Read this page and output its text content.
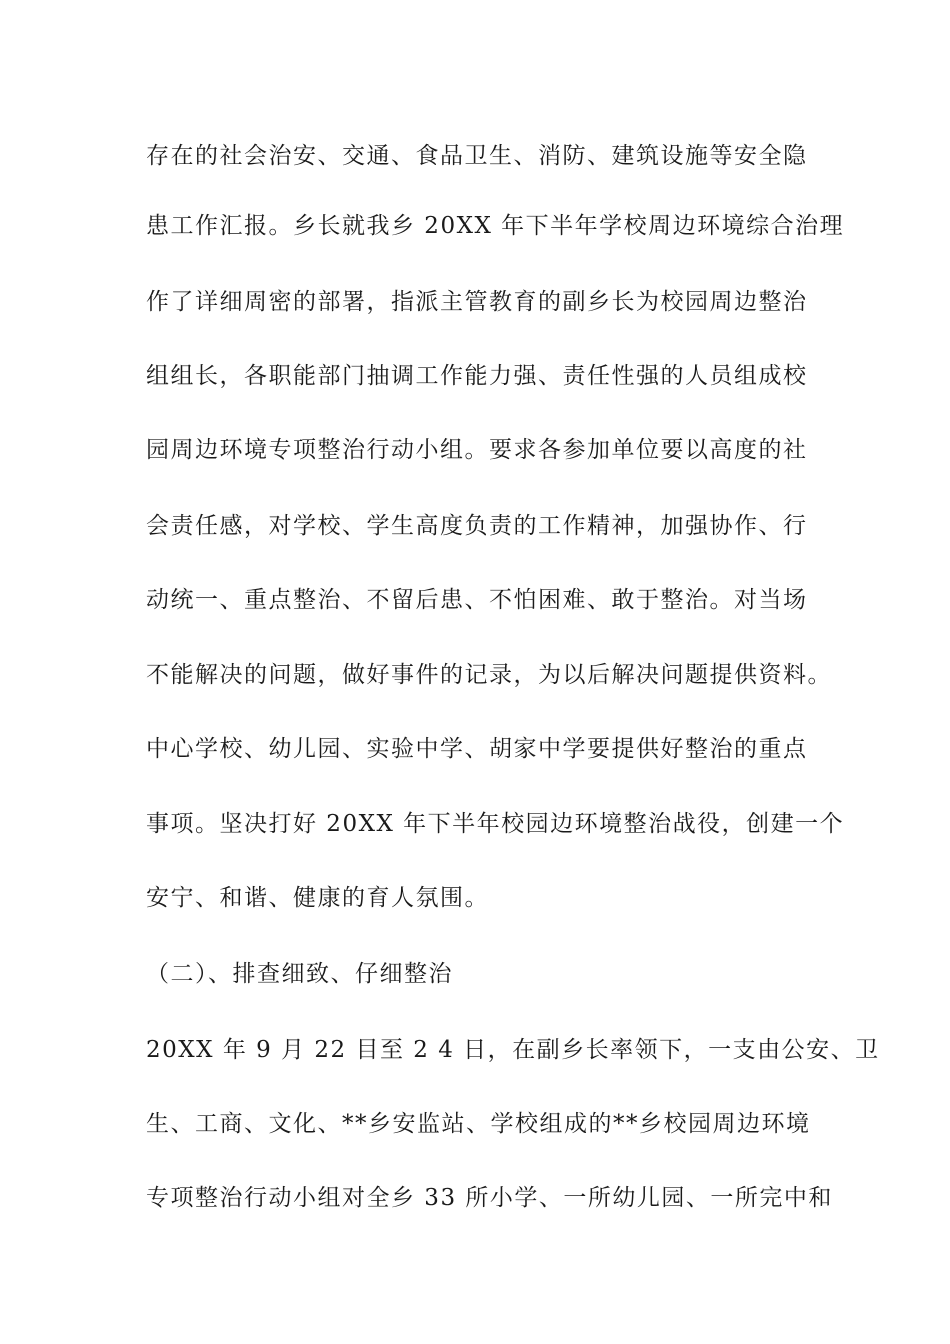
存在的社会治安、交通、食品卫生、消防、建筑设施等安全隐
患工作汇报。乡长就我乡 20XX 年下半年学校周边环境综合治理
作了详细周密的部署，指派主管教育的副乡长为校园周边整治
组组长，各职能部门抽调工作能力强、责任性强的人员组成校
园周边环境专项整治行动小组。要求各参加单位要以高度的社
会责任感，对学校、学生高度负责的工作精神，加强协作、行
动统一、重点整治、不留后患、不怕困难、敢于整治。对当场
不能解决的问题，做好事件的记录，为以后解决问题提供资料。
中心学校、幼儿园、实验中学、胡家中学要提供好整治的重点
事项。坚决打好 20XX 年下半年校园边环境整治战役，创建一个
安宁、和谐、健康的育人氛围。
（二）、排查细致、仔细整治
20XX 年 9 月 22 目至 2 4 日，在副乡长率领下，一支由公安、卫
生、工商、文化、**乡安监站、学校组成的**乡校园周边环境
专项整治行动小组对全乡 33 所小学、一所幼儿园、一所完中和
